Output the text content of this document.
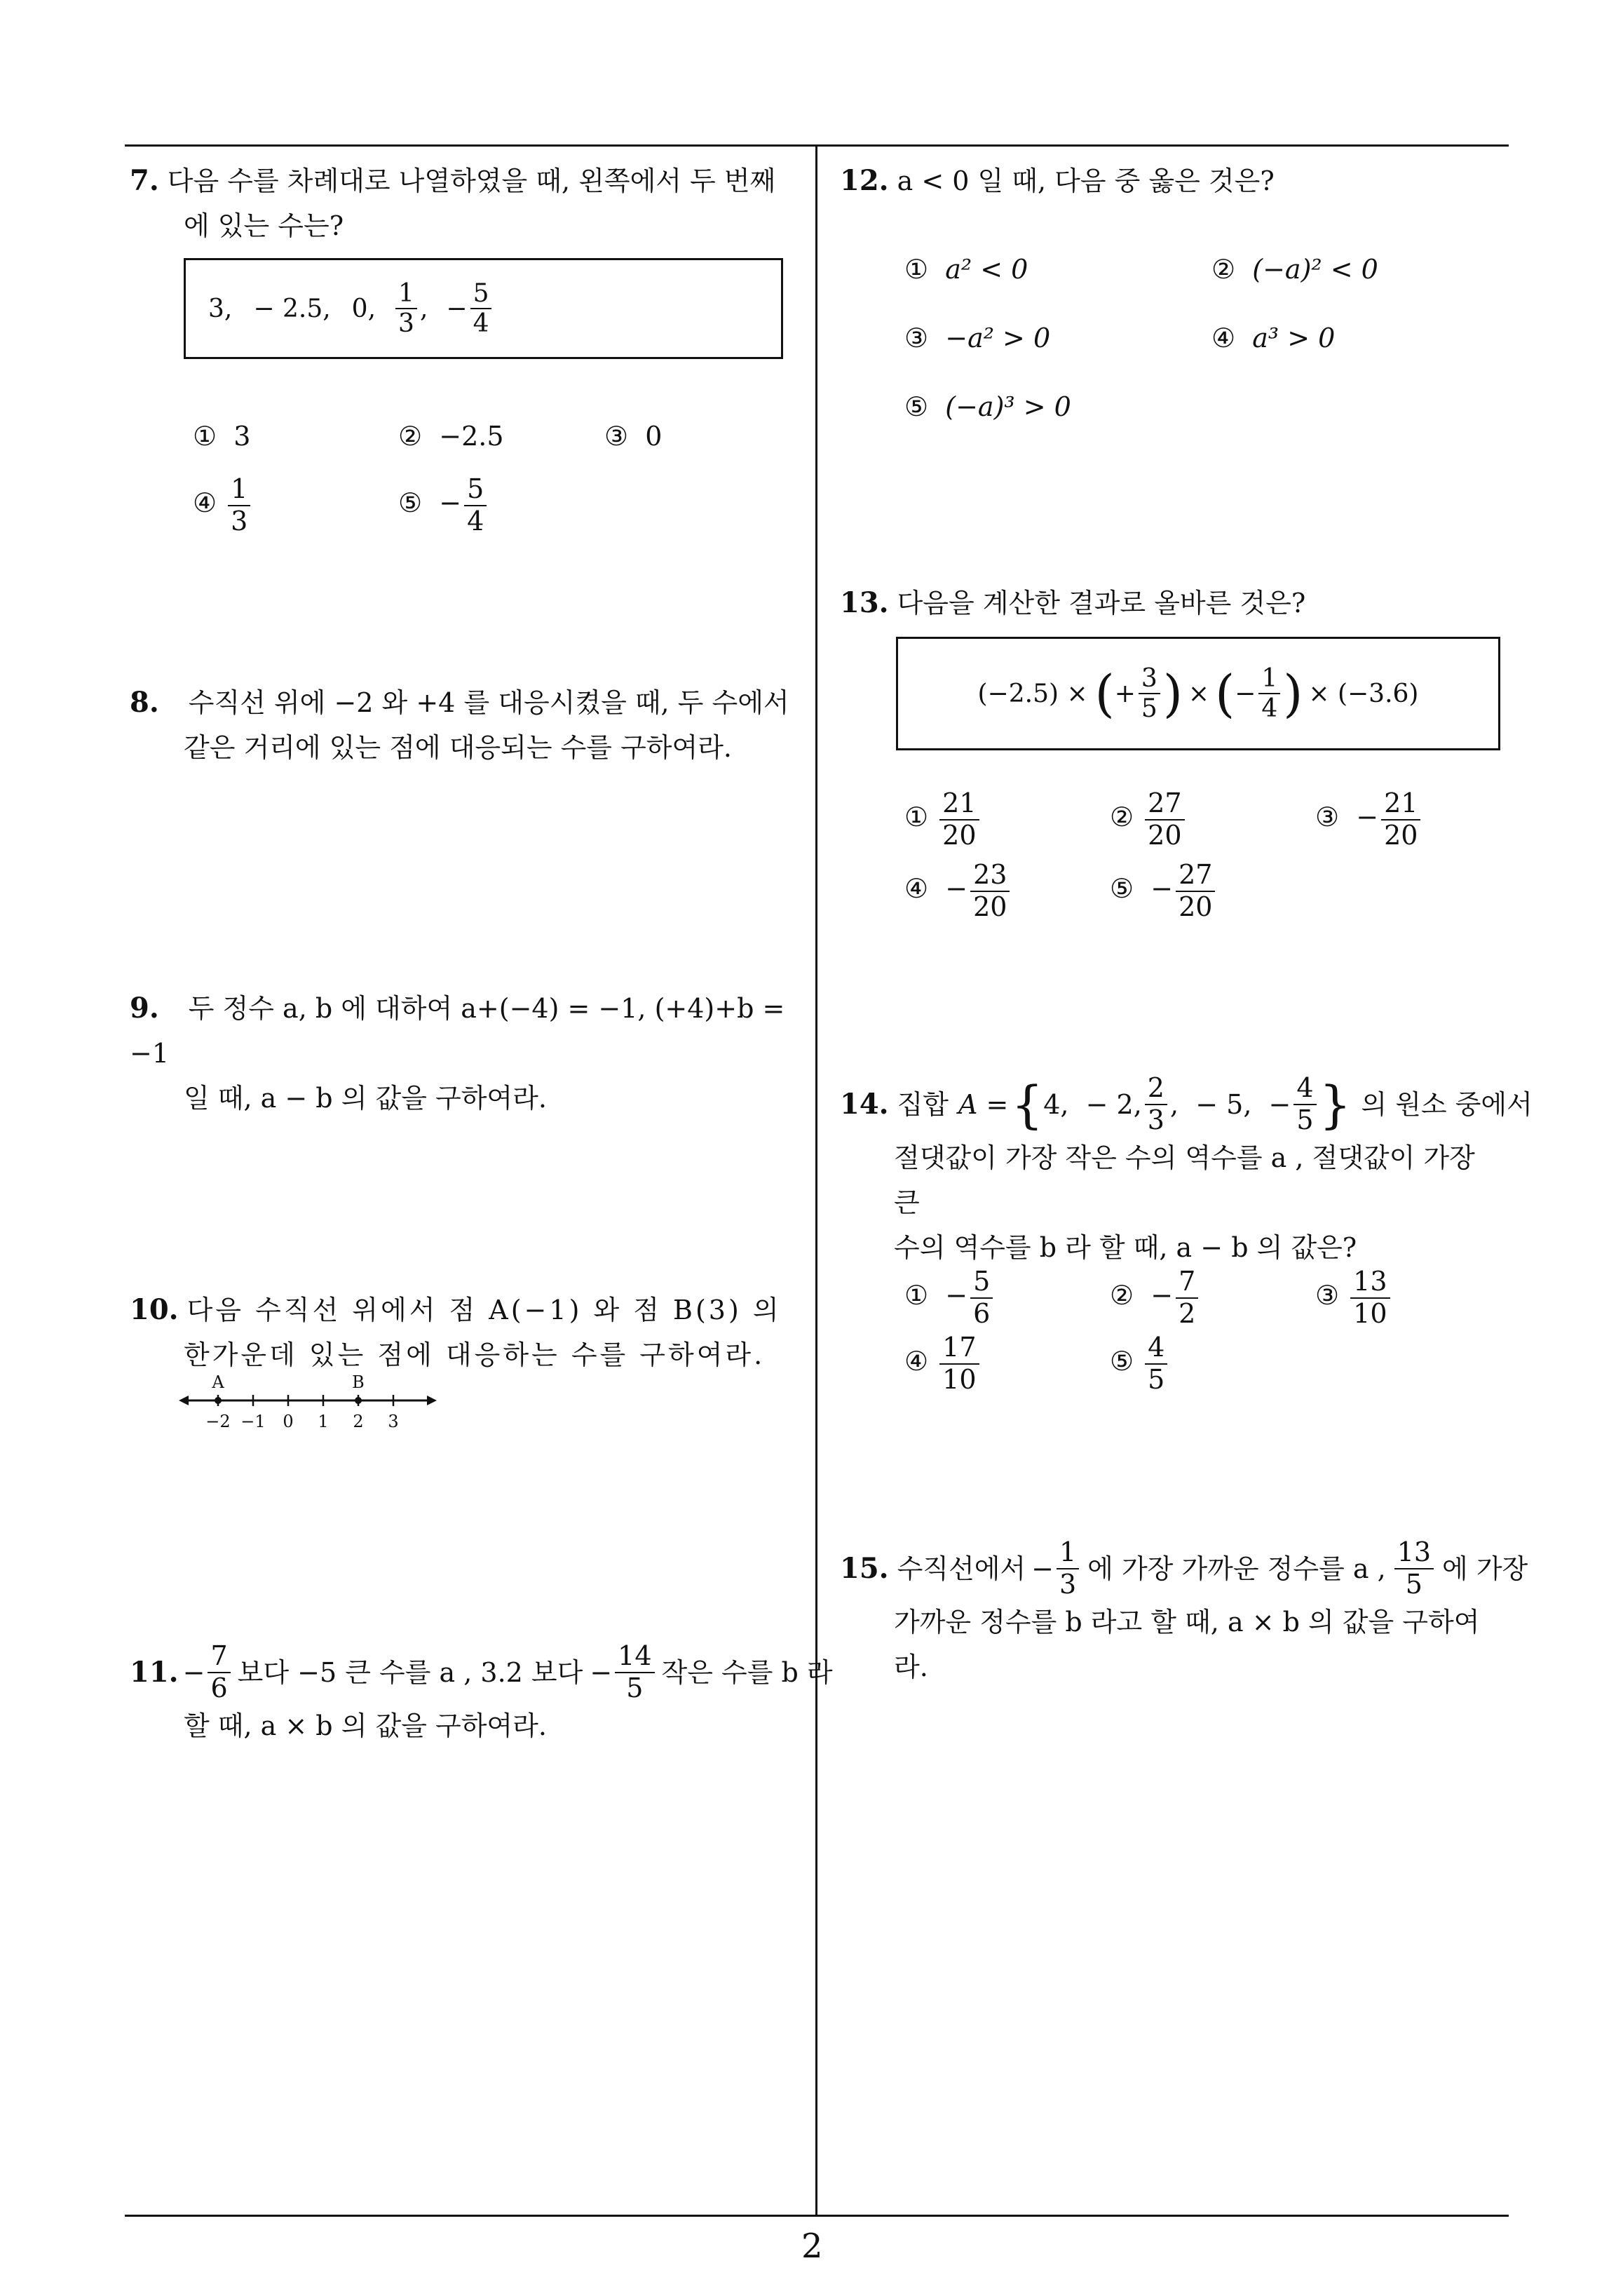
7. 다음 수를 차례대로 나열하였을 때, 왼쪽에서 두 번째
에 있는 수는?
3, − 2.5, 0, $\frac{1}{3}$ , − $\frac{5}{4}$
① 3	② −2.5	③ 0
④ $\frac{1}{3}$	⑤ − $\frac{5}{4}$
8. 수직선 위에 −2 와 +4 를 대응시켰을 때, 두 수에서
같은 거리에 있는 점에 대응되는 수를 구하여라.
9. 두 정수 a, b 에 대하여 a+(−4) = −1, (+4)+b = −1
일 때, a − b 의 값을 구하여라.
10. 다음 수직선 위에서 점 A(−1) 와 점 B(3) 의
한가운데 있는 점에 대응하는 수를 구하여라.
A	B
−2 −1 0 1 2 3
11. − $\frac{7}{6}$ 보다 −5 큰 수를 a , 3.2 보다 − $\frac{14}{5}$ 작은 수를 b 라
할 때, a × b 의 값을 구하여라.
12. a < 0 일 때, 다음 중 옳은 것은?
① a² < 0	② (−a)² < 0
③ −a² > 0	④ a³ > 0
⑤ (−a)³ > 0
13. 다음을 계산한 결과로 올바른 것은?
(−2.5) × ( + $\frac{3}{5}$ ) × ( − $\frac{1}{4}$ ) × (−3.6)
① $\frac{21}{20}$	② $\frac{27}{20}$	③ − $\frac{21}{20}$
④ − $\frac{23}{20}$	⑤ − $\frac{27}{20}$
14. 집합 A = { 4,  − 2, $\frac{2}{3}$ ,  − 5,  − $\frac{4}{5}$ } 의 원소 중에서
절댓값이 가장 작은 수의 역수를 a , 절댓값이 가장 큰
수의 역수를 b 라 할 때, a − b 의 값은?
① − $\frac{5}{6}$	② − $\frac{7}{2}$	③ $\frac{13}{10}$
④ $\frac{17}{10}$	⑤ $\frac{4}{5}$
15. 수직선에서 − $\frac{1}{3}$ 에 가장 가까운 정수를 a , $\frac{13}{5}$ 에 가장
가까운 정수를 b 라고 할 때, a × b 의 값을 구하여라.
2
